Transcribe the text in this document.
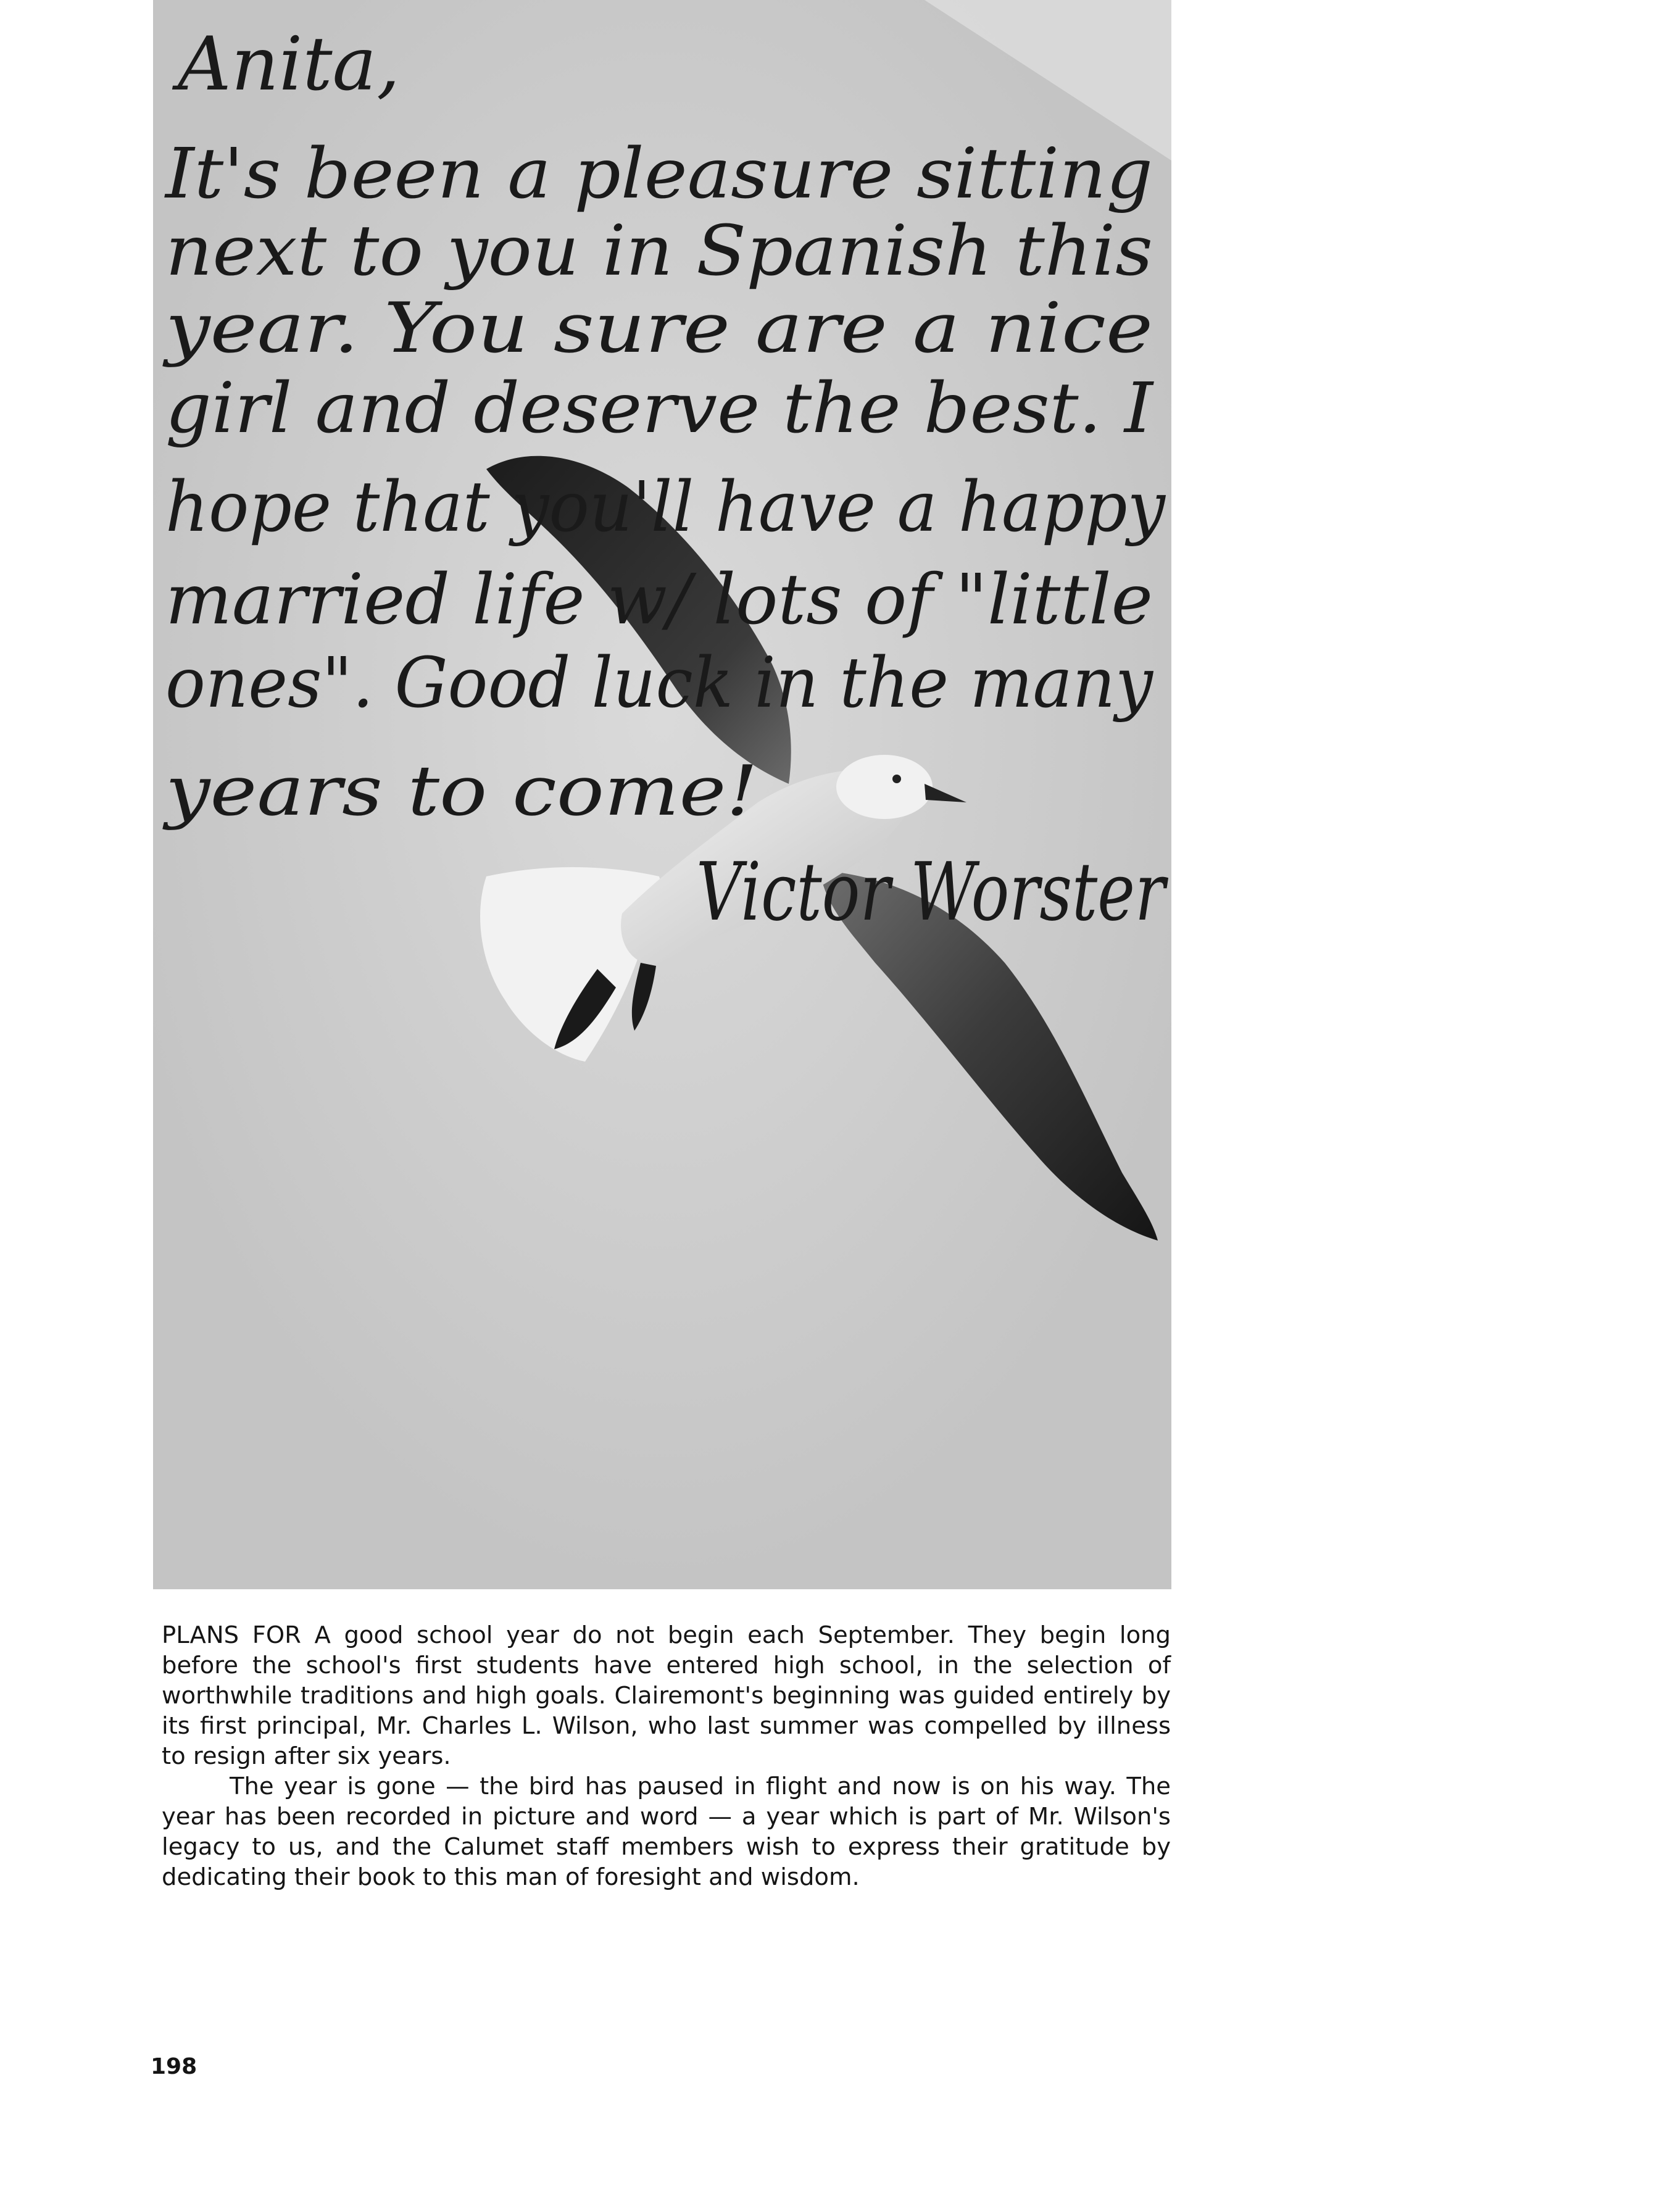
Anita,
It's been a pleasure sitting
next to you in Spanish this
year. You sure are a nice
girl and deserve the best. I
hope that you'll have a happy
married life w/ lots of "little
ones". Good luck in the many
years to come!
Victor Worster

PLANS FOR A good school year do not begin each September. They begin long before the school's first students have entered high school, in the selection of worthwhile traditions and high goals. Clairemont's beginning was guided entirely by its first principal, Mr. Charles L. Wilson, who last summer was compelled by illness to resign after six years.

The year is gone — the bird has paused in flight and now is on his way. The year has been recorded in picture and word — a year which is part of Mr. Wilson's legacy to us, and the Calumet staff members wish to express their gratitude by dedicating their book to this man of foresight and wisdom.

198
